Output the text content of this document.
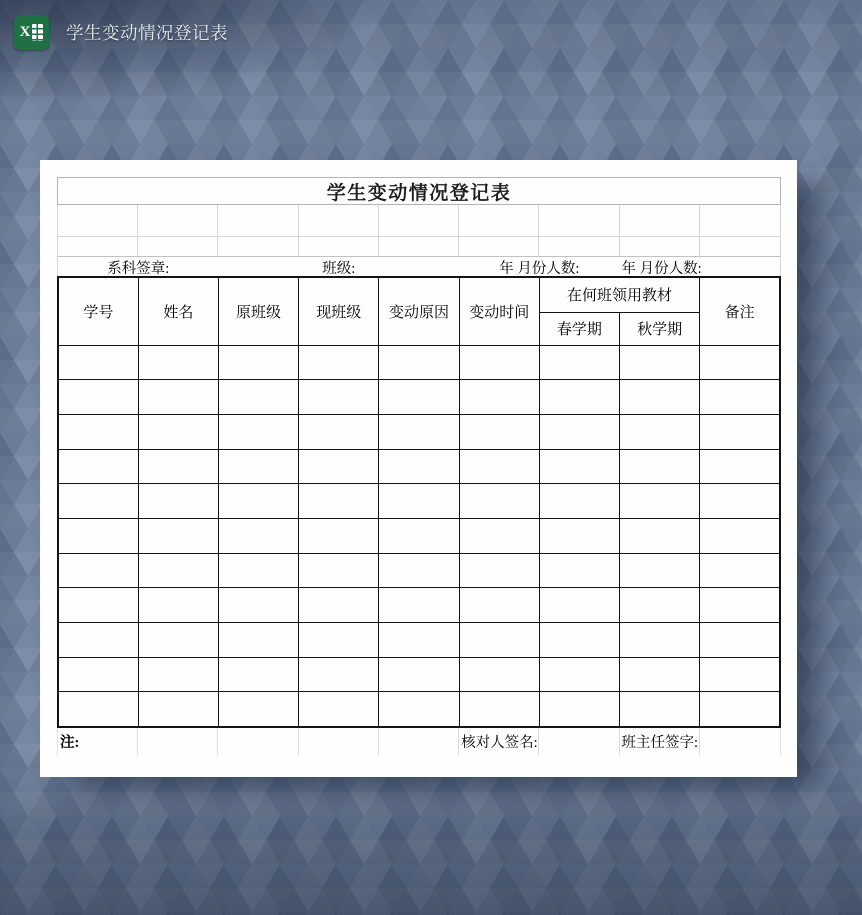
X 学生变动情况登记表
学生变动情况登记表
系科签章:	班级:	年 月份人数:	年 月份人数:
学号	姓名	原班级	现班级	变动原因	变动时间	在何班领用教材		备注
						春学期	秋学期	

注:	核对人签名:	班主任签字:
